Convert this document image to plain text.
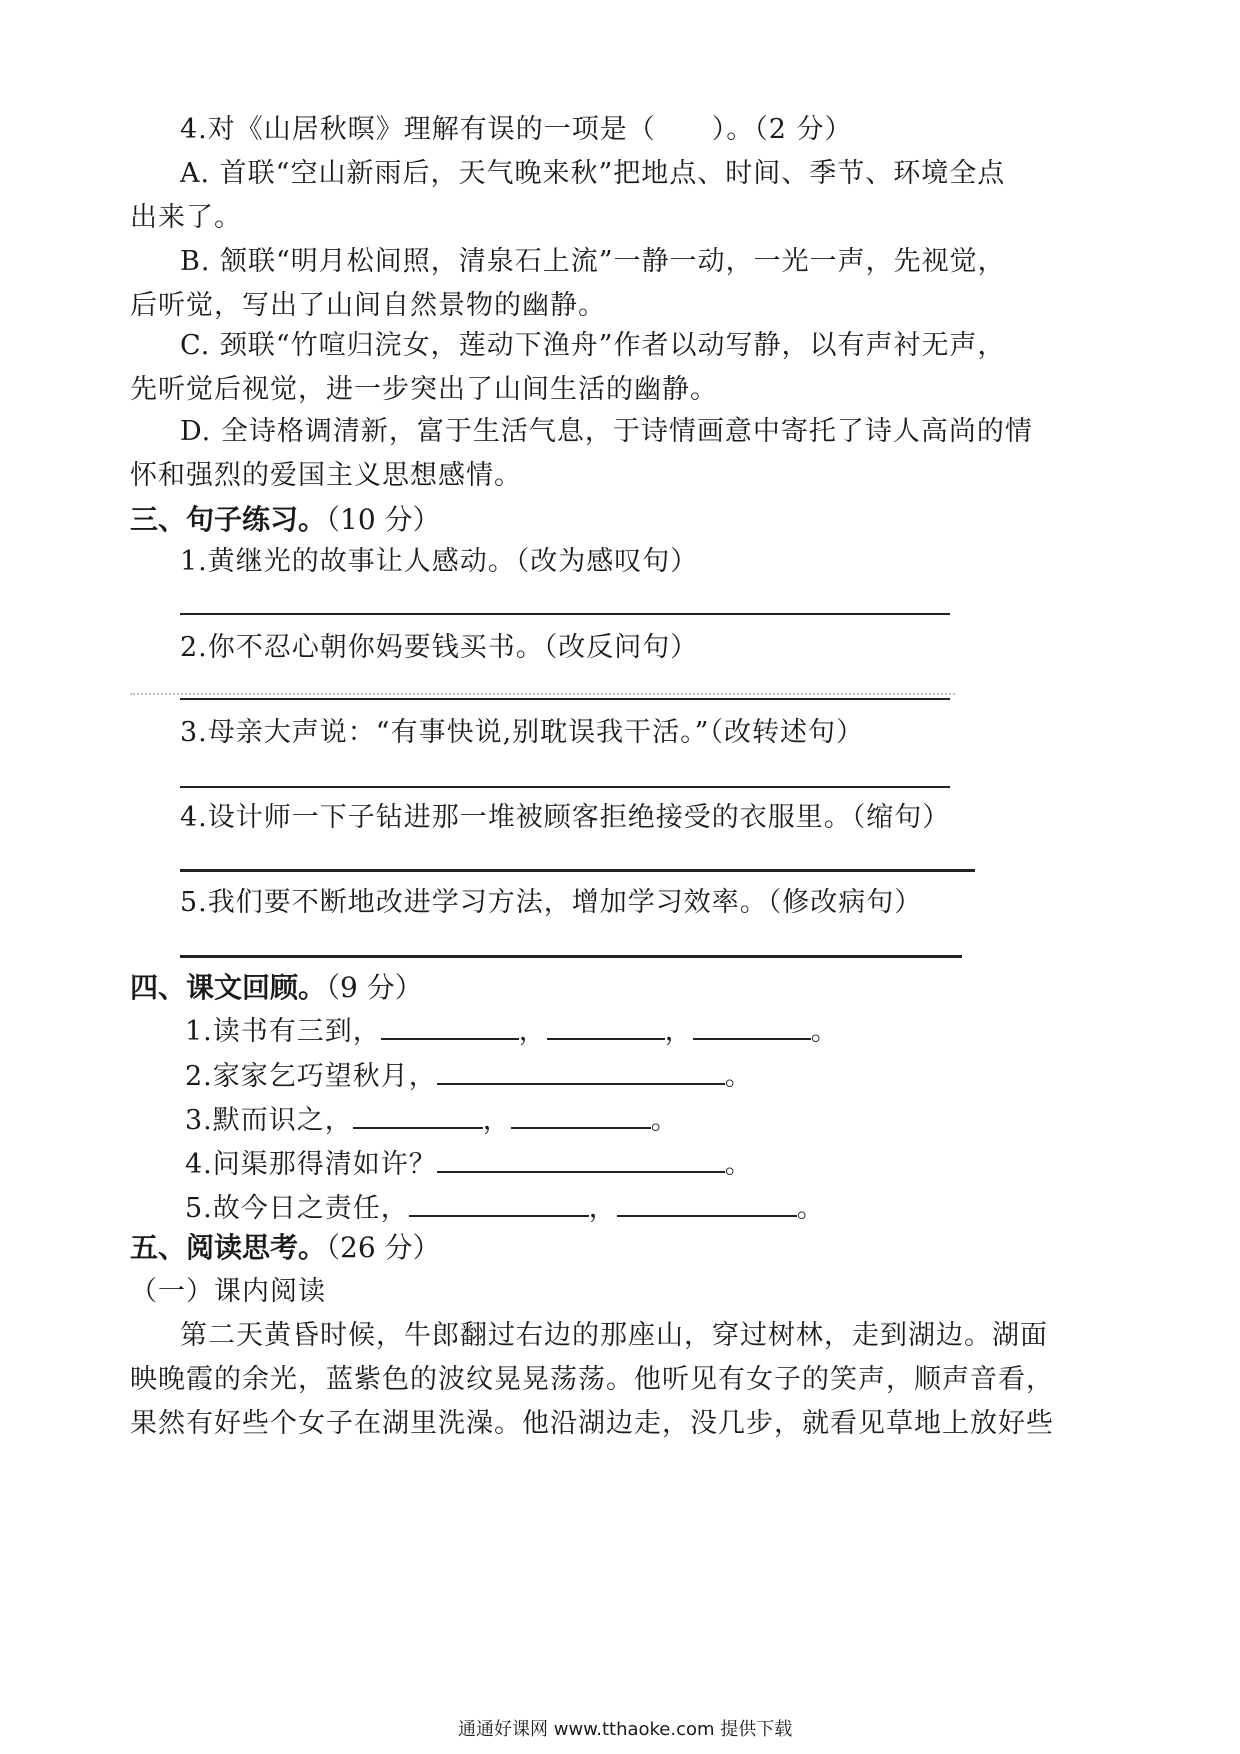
4.对《山居秋暝》理解有误的一项是（　　）。（2 分）
A. 首联“空山新雨后，天气晚来秋”把地点、时间、季节、环境全点
出来了。
B. 颔联“明月松间照，清泉石上流”一静一动，一光一声，先视觉，
后听觉，写出了山间自然景物的幽静。
C. 颈联“竹喧归浣女，莲动下渔舟”作者以动写静，以有声衬无声，
先听觉后视觉，进一步突出了山间生活的幽静。
D. 全诗格调清新，富于生活气息，于诗情画意中寄托了诗人高尚的情
怀和强烈的爱国主义思想感情。
三、句子练习。（10 分）
1.黄继光的故事让人感动。（改为感叹句）
2.你不忍心朝你妈要钱买书。（改反问句）
3.母亲大声说：“有事快说,别耽误我干活。”（改转述句）
4.设计师一下子钻进那一堆被顾客拒绝接受的衣服里。（缩句）
5.我们要不断地改进学习方法，增加学习效率。（修改病句）
四、课文回顾。（9 分）
1.读书有三到，	，	，	。
2.家家乞巧望秋月，	。
3.默而识之，	，	。
4.问渠那得清如许？	。
5.故今日之责任，	，	。
五、阅读思考。（26 分）
（一）课内阅读
第二天黄昏时候，牛郎翻过右边的那座山，穿过树林，走到湖边。湖面
映晚霞的余光，蓝紫色的波纹晃晃荡荡。他听见有女子的笑声，顺声音看，
果然有好些个女子在湖里洗澡。他沿湖边走，没几步，就看见草地上放好些
通通好课网 www.tthaoke.com 提供下载
